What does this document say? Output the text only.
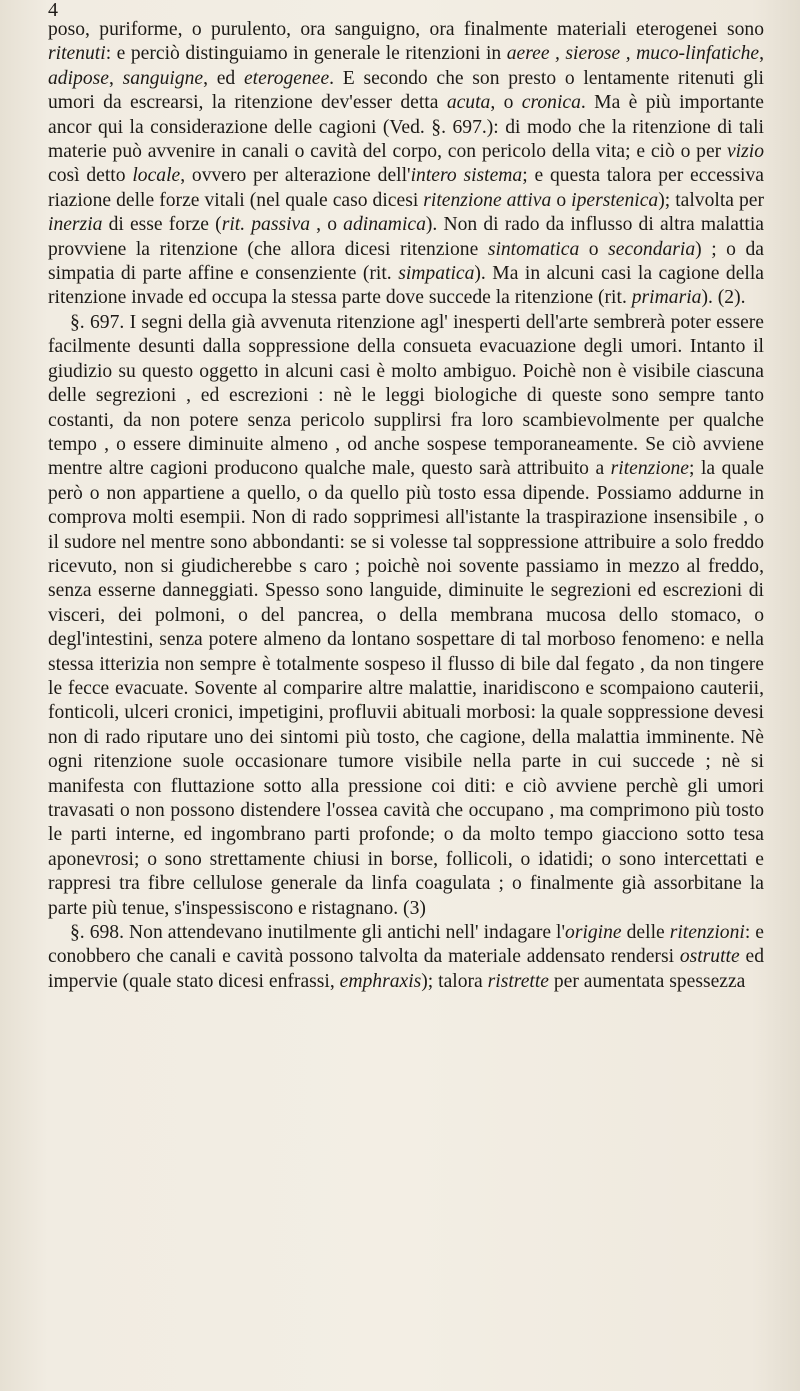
4

poso, puriforme, o purulento, ora sanguigno, ora finalmente materiali eterogenei sono ritenuti: e perciò distinguiamo in generale le ritenzioni in aeree , sierose , muco-linfatiche, adipose, sanguigne, ed eterogenee. E secondo che son presto o lentamente ritenuti gli umori da escrearsi, la ritenzione dev'esser detta acuta, o cronica. Ma è più importante ancor qui la considerazione delle cagioni (Ved. §. 697.): di modo che la ritenzione di tali materie può avvenire in canali o cavità del corpo, con pericolo della vita; e ciò o per vizio così detto locale, ovvero per alterazione dell'intero sistema; e questa talora per eccessiva riazione delle forze vitali (nel quale caso dicesi ritenzione attiva o iperstenica); talvolta per inerzia di esse forze (rit. passiva , o adinamica). Non di rado da influsso di altra malattia provviene la ritenzione (che allora dicesi ritenzione sintomatica o secondaria) ; o da simpatia di parte affine e consenziente (rit. simpatica). Ma in alcuni casi la cagione della ritenzione invade ed occupa la stessa parte dove succede la ritenzione (rit. primaria). (2).

§. 697. I segni della già avvenuta ritenzione agl' inesperti dell'arte sembrerà poter essere facilmente desunti dalla soppressione della consueta evacuazione degli umori. Intanto il giudizio su questo oggetto in alcuni casi è molto ambiguo. Poichè non è visibile ciascuna delle segrezioni , ed escrezioni : nè le leggi biologiche di queste sono sempre tanto costanti, da non potere senza pericolo supplirsi fra loro scambievolmente per qualche tempo , o essere diminuite almeno , od anche sospese temporaneamente. Se ciò avviene mentre altre cagioni producono qualche male, questo sarà attribuito a ritenzione; la quale però o non appartiene a quello, o da quello più tosto essa dipende. Possiamo addurne in comprova molti esempii. Non di rado sopprimesi all'istante la traspirazione insensibile , o il sudore nel mentre sono abbondanti: se si volesse tal soppressione attribuire a solo freddo ricevuto, non si giudicherebbe s caro ; poichè noi sovente passiamo in mezzo al freddo, senza esserne danneggiati. Spesso sono languide, diminuite le segrezioni ed escrezioni di visceri, dei polmoni, o del pancrea, o della membrana mucosa dello stomaco, o degl'intestini, senza potere almeno da lontano sospettare di tal morboso fenomeno: e nella stessa itterizia non sempre è totalmente sospeso il flusso di bile dal fegato , da non tingere le fecce evacuate. Sovente al comparire altre malattie, inaridiscono e scompaiono cauterii, fonticoli, ulceri cronici, impetigini, profluvii abituali morbosi: la quale soppressione devesi non di rado riputare uno dei sintomi più tosto, che cagione, della malattia imminente. Nè ogni ritenzione suole occasionare tumore visibile nella parte in cui succede ; nè si manifesta con fluttazione sotto alla pressione coi diti: e ciò avviene perchè gli umori travasati o non possono distendere l'ossea cavità che occupano , ma comprimono più tosto le parti interne, ed ingombrano parti profonde; o da molto tempo giacciono sotto tesa aponevrosi; o sono strettamente chiusi in borse, follicoli, o idatidi; o sono intercettati e rappresi tra fibre cellulose generale da linfa coagulata ; o finalmente già assorbitane la parte più tenue, s'inspessiscono e ristagnano. (3)

§. 698. Non attendevano inutilmente gli antichi nell' indagare l'origine delle ritenzioni: e conobbero che canali e cavità possono talvolta da materiale addensato rendersi ostrutte ed impervie (quale stato dicesi enfrassi, emphraxis); talora ristrette per aumentata spessezza
